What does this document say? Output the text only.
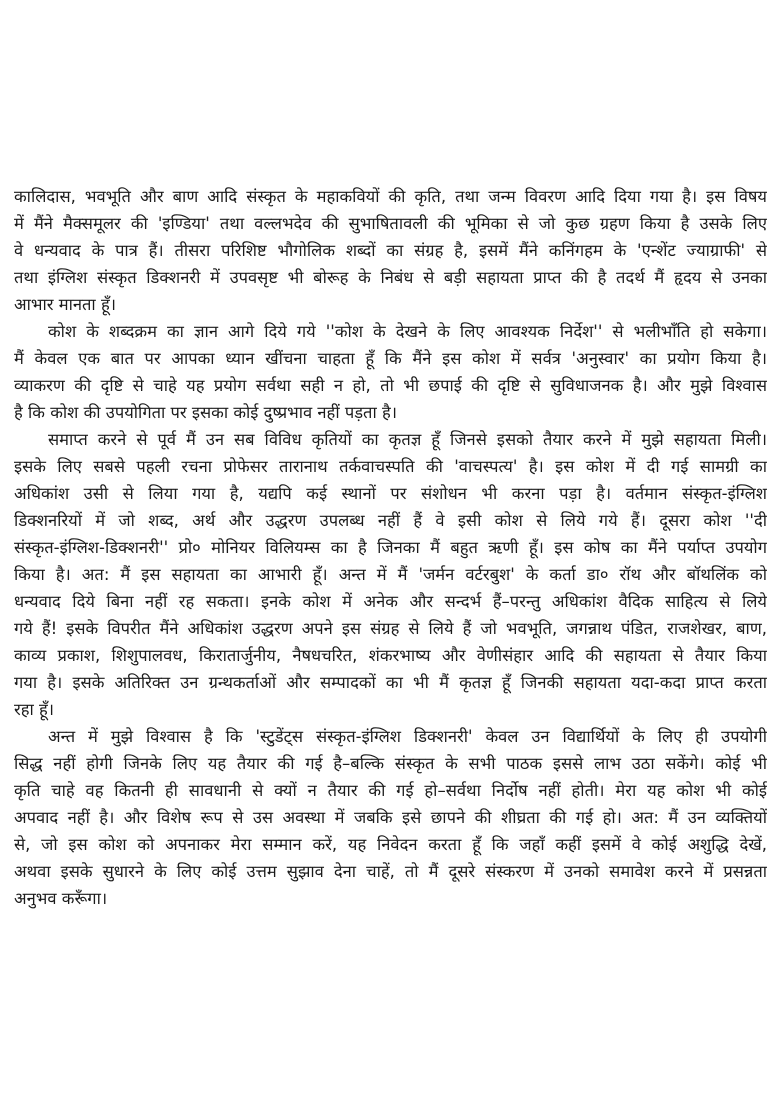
कालिदास, भवभूति और बाण आदि संस्कृत के महाकवियों की कृति, तथा जन्म विवरण आदि दिया गया है। इस विषय
में मैंने मैक्समूलर की 'इण्डिया' तथा वल्लभदेव की सुभाषितावली की भूमिका से जो कुछ ग्रहण किया है उसके लिए
वे धन्यवाद के पात्र हैं। तीसरा परिशिष्ट भौगोलिक शब्दों का संग्रह है, इसमें मैंने कनिंगहम के 'एन्शेंट ज्याग्राफी' से
तथा इंग्लिश संस्कृत डिक्शनरी में उपवसृष्ट भी बोरूह के निबंध से बड़ी सहायता प्राप्त की है तदर्थ मैं हृदय से उनका
आभार मानता हूँ।
कोश के शब्दक्रम का ज्ञान आगे दिये गये ''कोश के देखने के लिए आवश्यक निर्देश'' से भलीभाँति हो सकेगा।
मैं केवल एक बात पर आपका ध्यान खींचना चाहता हूँ कि मैंने इस कोश में सर्वत्र 'अनुस्वार' का प्रयोग किया है।
व्याकरण की दृष्टि से चाहे यह प्रयोग सर्वथा सही न हो, तो भी छपाई की दृष्टि से सुविधाजनक है। और मुझे विश्वास
है कि कोश की उपयोगिता पर इसका कोई दुष्प्रभाव नहीं पड़ता है।
समाप्त करने से पूर्व मैं उन सब विविध कृतियों का कृतज्ञ हूँ जिनसे इसको तैयार करने में मुझे सहायता मिली।
इसके लिए सबसे पहली रचना प्रोफेसर तारानाथ तर्कवाचस्पति की 'वाचस्पत्य' है। इस कोश में दी गई सामग्री का
अधिकांश उसी से लिया गया है, यद्यपि कई स्थानों पर संशोधन भी करना पड़ा है। वर्तमान संस्कृत-इंग्लिश
डिक्शनरियों में जो शब्द, अर्थ और उद्धरण उपलब्ध नहीं हैं वे इसी कोश से लिये गये हैं। दूसरा कोश ''दी
संस्कृत-इंग्लिश-डिक्शनरी'' प्रो० मोनियर विलियम्स का है जिनका मैं बहुत ऋणी हूँ। इस कोष का मैंने पर्याप्त उपयोग
किया है। अत: मैं इस सहायता का आभारी हूँ। अन्त में मैं 'जर्मन वर्टरबुश' के कर्ता डा० रॉथ और बॉथलिंक को
धन्यवाद दिये बिना नहीं रह सकता। इनके कोश में अनेक और सन्दर्भ हैं–परन्तु अधिकांश वैदिक साहित्य से लिये
गये हैं! इसके विपरीत मैंने अधिकांश उद्धरण अपने इस संग्रह से लिये हैं जो भवभूति, जगन्नाथ पंडित, राजशेखर, बाण,
काव्य प्रकाश, शिशुपालवध, किरातार्जुनीय, नैषधचरित, शंकरभाष्य और वेणीसंहार आदि की सहायता से तैयार किया
गया है। इसके अतिरिक्त उन ग्रन्थकर्ताओं और सम्पादकों का भी मैं कृतज्ञ हूँ जिनकी सहायता यदा-कदा प्राप्त करता
रहा हूँ।
अन्त में मुझे विश्वास है कि 'स्टुडेंट्स संस्कृत-इंग्लिश डिक्शनरी' केवल उन विद्यार्थियों के लिए ही उपयोगी
सिद्ध नहीं होगी जिनके लिए यह तैयार की गई है–बल्कि संस्कृत के सभी पाठक इससे लाभ उठा सकेंगे। कोई भी
कृति चाहे वह कितनी ही सावधानी से क्यों न तैयार की गई हो–सर्वथा निर्दोष नहीं होती। मेरा यह कोश भी कोई
अपवाद नहीं है। और विशेष रूप से उस अवस्था में जबकि इसे छापने की शीघ्रता की गई हो। अत: मैं उन व्यक्तियों
से, जो इस कोश को अपनाकर मेरा सम्मान करें, यह निवेदन करता हूँ कि जहाँ कहीं इसमें वे कोई अशुद्धि देखें,
अथवा इसके सुधारने के लिए कोई उत्तम सुझाव देना चाहें, तो मैं दूसरे संस्करण में उनको समावेश करने में प्रसन्नता
अनुभव करूँगा।
